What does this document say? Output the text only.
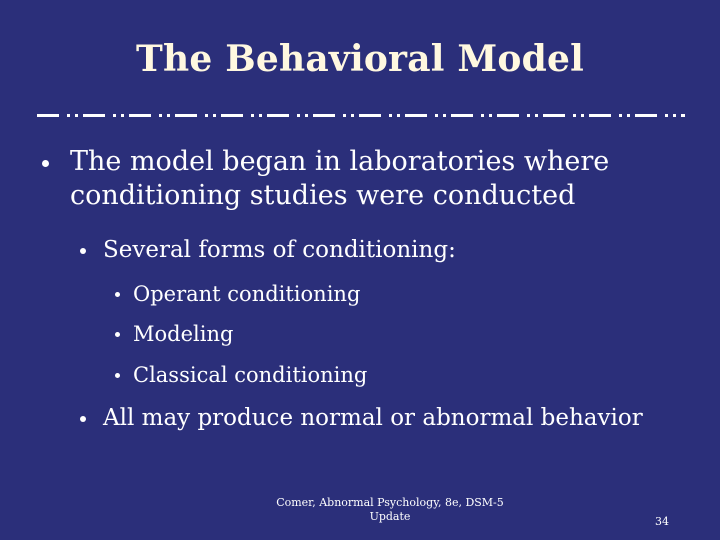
The Behavioral Model
The model began in laboratories where conditioning studies were conducted
Several forms of conditioning:
Operant conditioning
Modeling
Classical conditioning
All may produce normal or abnormal behavior
Comer, Abnormal Psychology, 8e, DSM-5
Update	34
